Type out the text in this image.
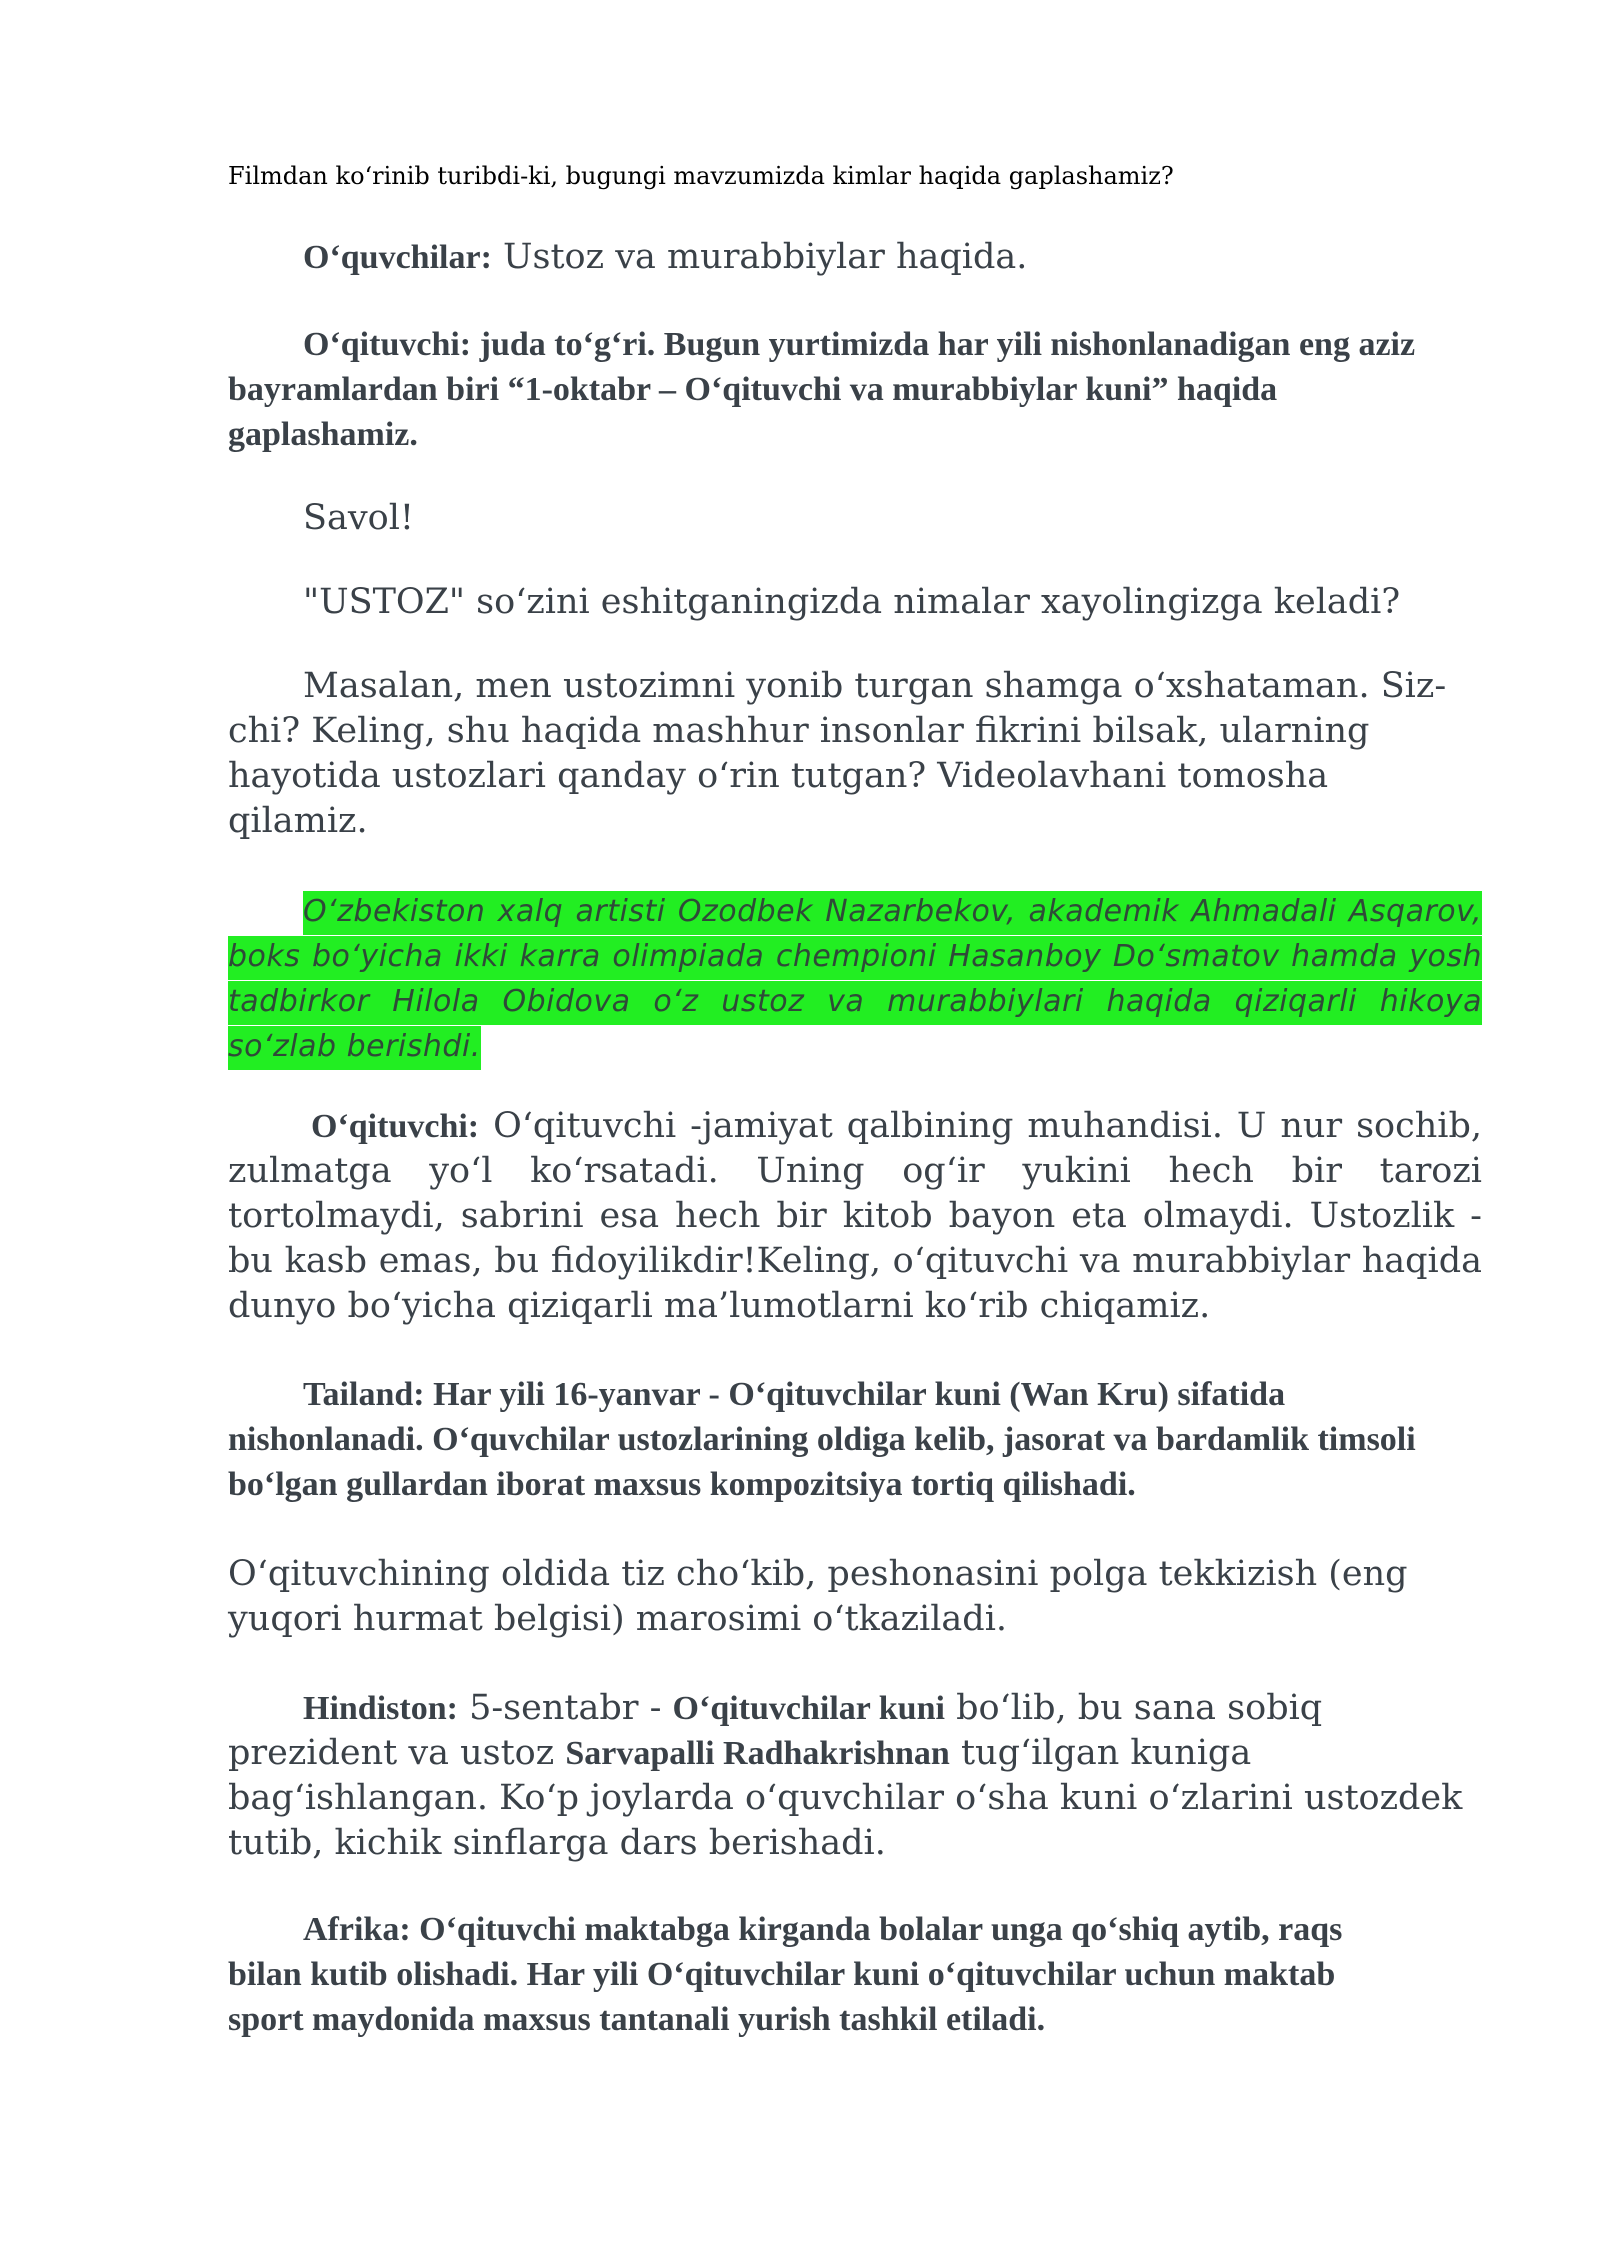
Filmdan ko‘rinib turibdi-ki, bugungi mavzumizda kimlar haqida gaplashamiz?

O‘quvchilar: Ustoz va murabbiylar haqida.

O‘qituvchi: juda to‘g‘ri. Bugun yurtimizda har yili nishonlanadigan eng aziz bayramlardan biri “1-oktabr – O‘qituvchi va murabbiylar kuni” haqida gaplashamiz.

Savol!

"USTOZ" so‘zini eshitganingizda nimalar xayolingizga keladi?

Masalan, men ustozimni yonib turgan shamga o‘xshataman. Siz-chi? Keling, shu haqida mashhur insonlar fikrini bilsak, ularning hayotida ustozlari qanday o‘rin tutgan? Videolavhani tomosha qilamiz.

O‘zbekiston xalq artisti Ozodbek Nazarbekov, akademik Ahmadali Asqarov, boks bo‘yicha ikki karra olimpiada chempioni Hasanboy Do‘smatov hamda yosh tadbirkor Hilola Obidova o‘z ustoz va murabbiylari haqida qiziqarli hikoya so‘zlab berishdi.

O‘qituvchi: O‘qituvchi -jamiyat qalbining muhandisi. U nur sochib, zulmatga yo‘l ko‘rsatadi. Uning og‘ir yukini hech bir tarozi tortolmaydi, sabrini esa hech bir kitob bayon eta olmaydi. Ustozlik - bu kasb emas, bu fidoyilikdir!Keling, o‘qituvchi va murabbiylar haqida dunyo bo‘yicha qiziqarli ma’lumotlarni ko‘rib chiqamiz.

Tailand: Har yili 16-yanvar - O‘qituvchilar kuni (Wan Kru) sifatida nishonlanadi. O‘quvchilar ustozlarining oldiga kelib, jasorat va bardamlik timsoli bo‘lgan gullardan iborat maxsus kompozitsiya tortiq qilishadi.

O‘qituvchining oldida tiz cho‘kib, peshonasini polga tekkizish (eng yuqori hurmat belgisi) marosimi o‘tkaziladi.

Hindiston: 5-sentabr - O‘qituvchilar kuni bo‘lib, bu sana sobiq prezident va ustoz Sarvapalli Radhakrishnan tug‘ilgan kuniga bag‘ishlangan. Ko‘p joylarda o‘quvchilar o‘sha kuni o‘zlarini ustozdek tutib, kichik sinflarga dars berishadi.

Afrika: O‘qituvchi maktabga kirganda bolalar unga qo‘shiq aytib, raqs bilan kutib olishadi. Har yili O‘qituvchilar kuni o‘qituvchilar uchun maktab sport maydonida maxsus tantanali yurish tashkil etiladi.
